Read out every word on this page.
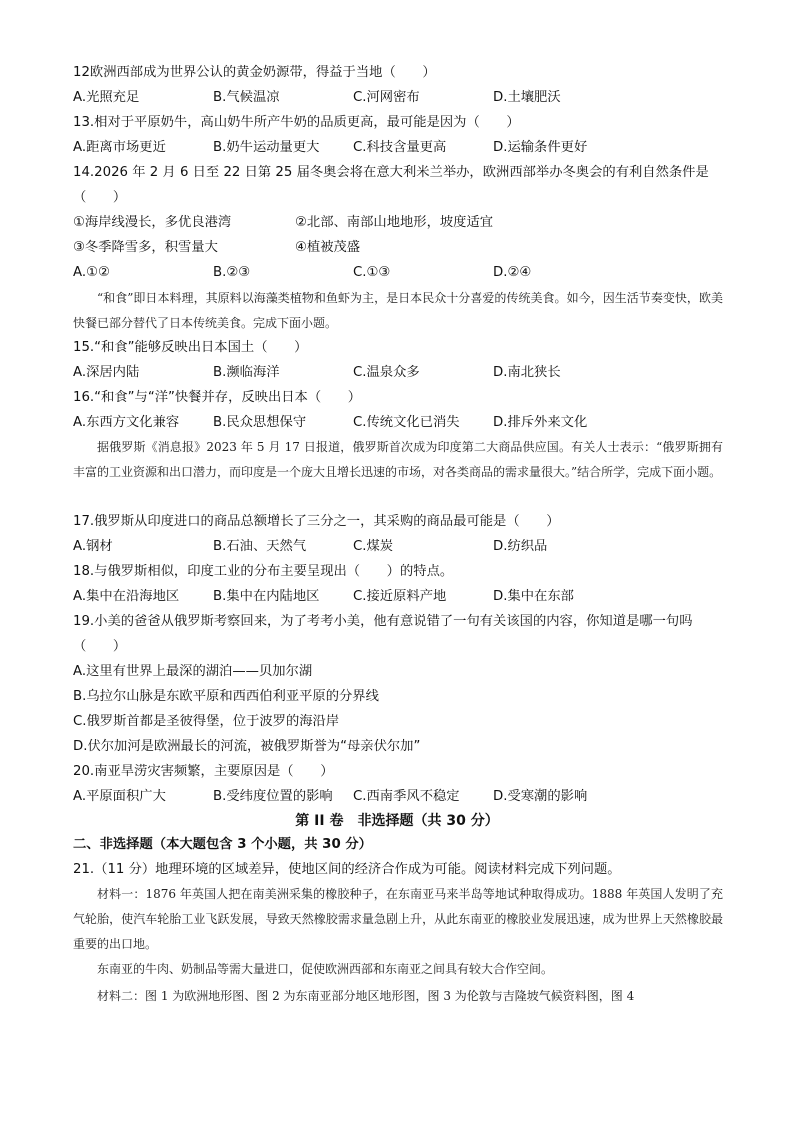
12欧洲西部成为世界公认的黄金奶源带，得益于当地（　　）
A.光照充足	B.气候温凉	C.河网密布	D.土壤肥沃
13.相对于平原奶牛，高山奶牛所产牛奶的品质更高，最可能是因为（　　）
A.距离市场更近	B.奶牛运动量更大	C.科技含量更高	D.运输条件更好
14.2026 年 2 月 6 日至 22 日第 25 届冬奥会将在意大利米兰举办，欧洲西部举办冬奥会的有利自然条件是
（　　）
①海岸线漫长，多优良港湾	②北部、南部山地地形，坡度适宜
③冬季降雪多，积雪量大	④植被茂盛
A.①②	B.②③	C.①③	D.②④

“和食”即日本料理，其原料以海藻类植物和鱼虾为主，是日本民众十分喜爱的传统美食。如今，因生活节奏变快，欧美快餐已部分替代了日本传统美食。完成下面小题。

15.“和食”能够反映出日本国土（　　）
A.深居内陆	B.濒临海洋	C.温泉众多	D.南北狭长
16.“和食”与“洋”快餐并存，反映出日本（　　）
A.东西方文化兼容	B.民众思想保守	C.传统文化已消失	D.排斥外来文化

据俄罗斯《消息报》2023 年 5 月 17 日报道，俄罗斯首次成为印度第二大商品供应国。有关人士表示：“俄罗斯拥有丰富的工业资源和出口潜力，而印度是一个庞大且增长迅速的市场，对各类商品的需求量很大。”结合所学，完成下面小题。

17.俄罗斯从印度进口的商品总额增长了三分之一，其采购的商品最可能是（　　）
A.钢材	B.石油、天然气	C.煤炭	D.纺织品
18.与俄罗斯相似，印度工业的分布主要呈现出（　　）的特点。
A.集中在沿海地区	B.集中在内陆地区	C.接近原料产地	D.集中在东部
19.小美的爸爸从俄罗斯考察回来，为了考考小美，他有意说错了一句有关该国的内容，你知道是哪一句吗
（　　）
A.这里有世界上最深的湖泊——贝加尔湖
B.乌拉尔山脉是东欧平原和西西伯利亚平原的分界线
C.俄罗斯首都是圣彼得堡，位于波罗的海沿岸
D.伏尔加河是欧洲最长的河流，被俄罗斯誉为“母亲伏尔加”
20.南亚旱涝灾害频繁，主要原因是（　　）
A.平原面积广大	B.受纬度位置的影响 C.西南季风不稳定	D.受寒潮的影响
第 II 卷　非选择题（共 30 分）
二、非选择题（本大题包含 3 个小题，共 30 分）
21.（11 分）地理环境的区域差异，使地区间的经济合作成为可能。阅读材料完成下列问题。

材料一：1876 年英国人把在南美洲采集的橡胶种子，在东南亚马来半岛等地试种取得成功。1888 年英国人发明了充气轮胎，使汽车轮胎工业飞跃发展，导致天然橡胶需求量急剧上升，从此东南亚的橡胶业发展迅速，成为世界上天然橡胶最重要的出口地。

东南亚的牛肉、奶制品等需大量进口，促使欧洲西部和东南亚之间具有较大合作空间。

材料二：图 1 为欧洲地形图、图 2 为东南亚部分地区地形图，图 3 为伦敦与吉隆坡气候资料图，图 4
